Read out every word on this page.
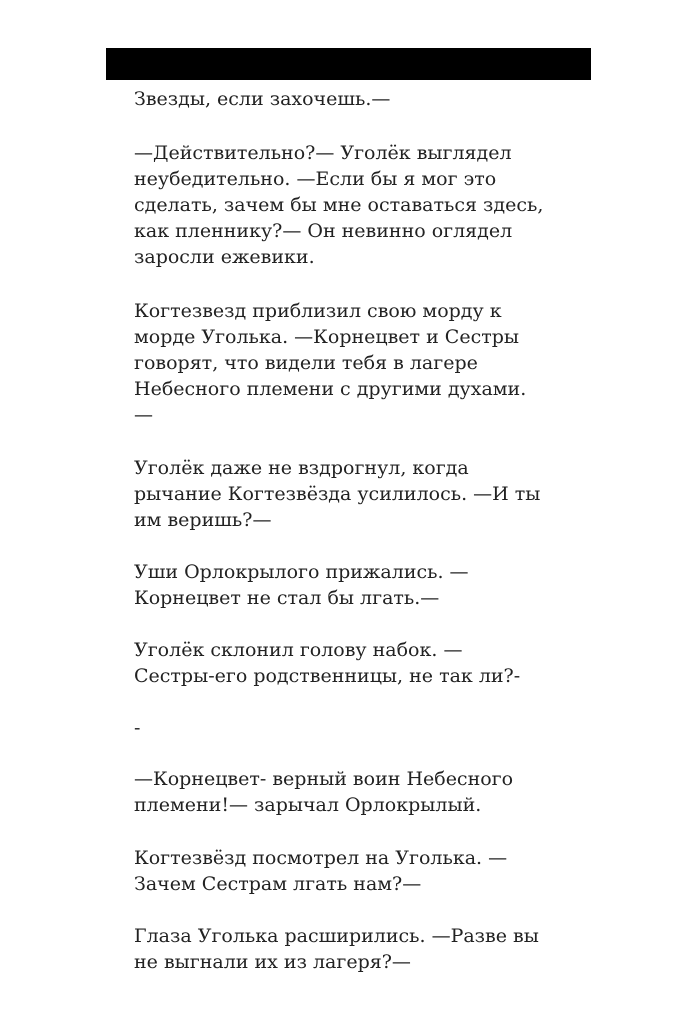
Звезды, если захочешь.—
—Действительно?— Уголёк выглядел
неубедительно. —Если бы я мог это
сделать, зачем бы мне оставаться здесь,
как пленнику?— Он невинно оглядел
заросли ежевики.
Когтезвезд приблизил свою морду к
морде Уголька. —Корнецвет и Сестры
говорят, что видели тебя в лагере
Небесного племени с другими духами.
—
Уголёк даже не вздрогнул, когда
рычание Когтезвёзда усилилось. —И ты
им веришь?—
Уши Орлокрылого прижались. —
Корнецвет не стал бы лгать.—
Уголёк склонил голову набок. —
Сестры-его родственницы, не так ли?-
-
—Корнецвет- верный воин Небесного
племени!— зарычал Орлокрылый.
Когтезвёзд посмотрел на Уголька. —
Зачем Сестрам лгать нам?—
Глаза Уголька расширились. —Разве вы
не выгнали их из лагеря?—
